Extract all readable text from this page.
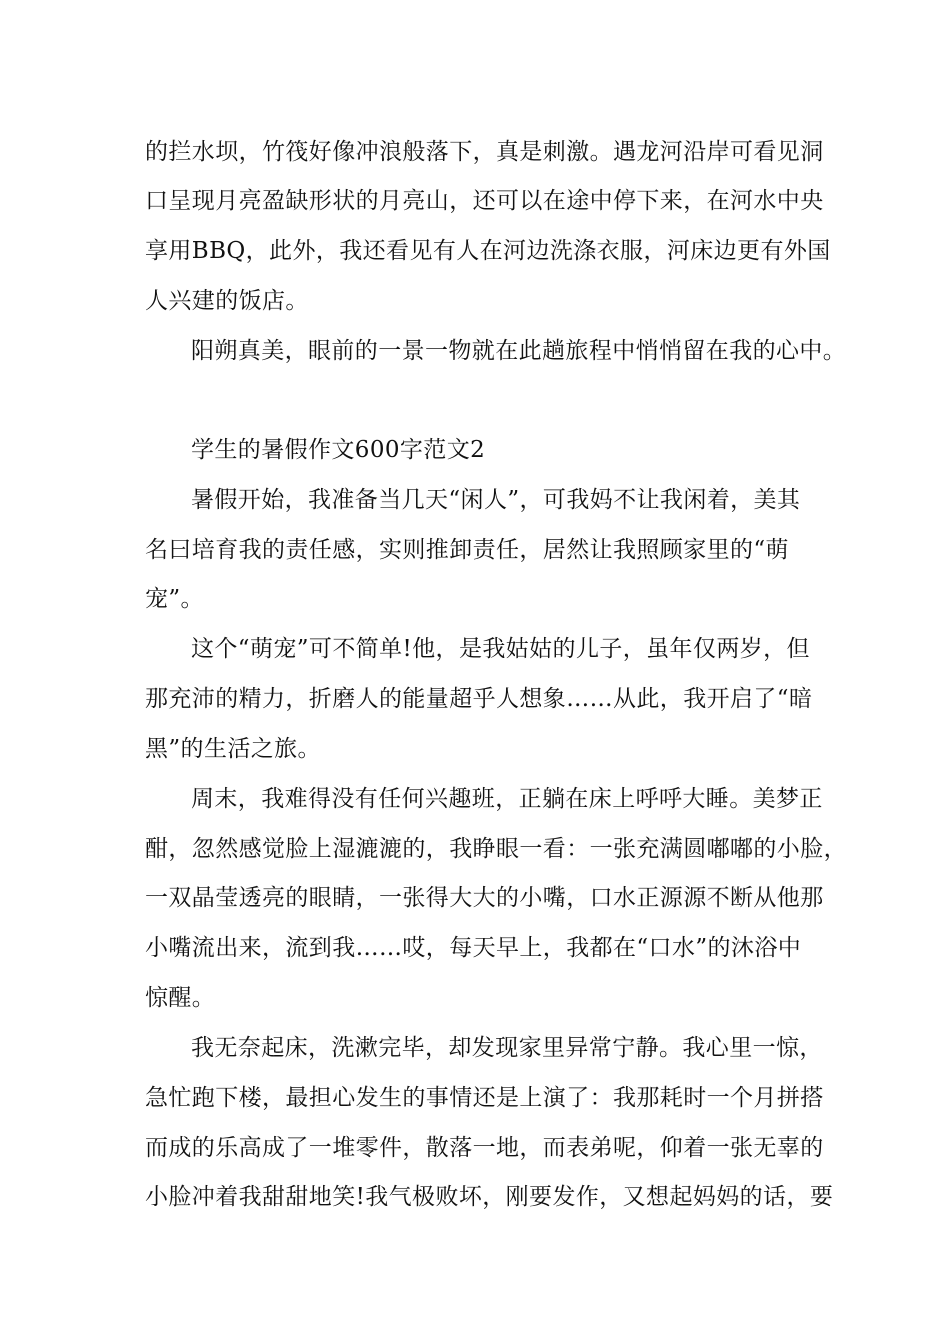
的拦水坝，竹筏好像冲浪般落下，真是刺激。遇龙河沿岸可看见洞
口呈现月亮盈缺形状的月亮山，还可以在途中停下来，在河水中央
享用BBQ，此外，我还看见有人在河边洗涤衣服，河床边更有外国
人兴建的饭店。
阳朔真美，眼前的一景一物就在此趟旅程中悄悄留在我的心中。
学生的暑假作文600字范文2
暑假开始，我准备当几天“闲人”，可我妈不让我闲着，美其
名曰培育我的责任感，实则推卸责任，居然让我照顾家里的“萌
宠”。
这个“萌宠”可不简单!他，是我姑姑的儿子，虽年仅两岁，但
那充沛的精力，折磨人的能量超乎人想象……从此，我开启了“暗
黑”的生活之旅。
周末，我难得没有任何兴趣班，正躺在床上呼呼大睡。美梦正
酣，忽然感觉脸上湿漉漉的，我睁眼一看：一张充满圆嘟嘟的小脸，
一双晶莹透亮的眼睛，一张得大大的小嘴，口水正源源不断从他那
小嘴流出来，流到我……哎，每天早上，我都在“口水”的沐浴中
惊醒。
我无奈起床，洗漱完毕，却发现家里异常宁静。我心里一惊，
急忙跑下楼，最担心发生的事情还是上演了：我那耗时一个月拼搭
而成的乐高成了一堆零件，散落一地，而表弟呢，仰着一张无辜的
小脸冲着我甜甜地笑!我气极败坏，刚要发作，又想起妈妈的话，要
